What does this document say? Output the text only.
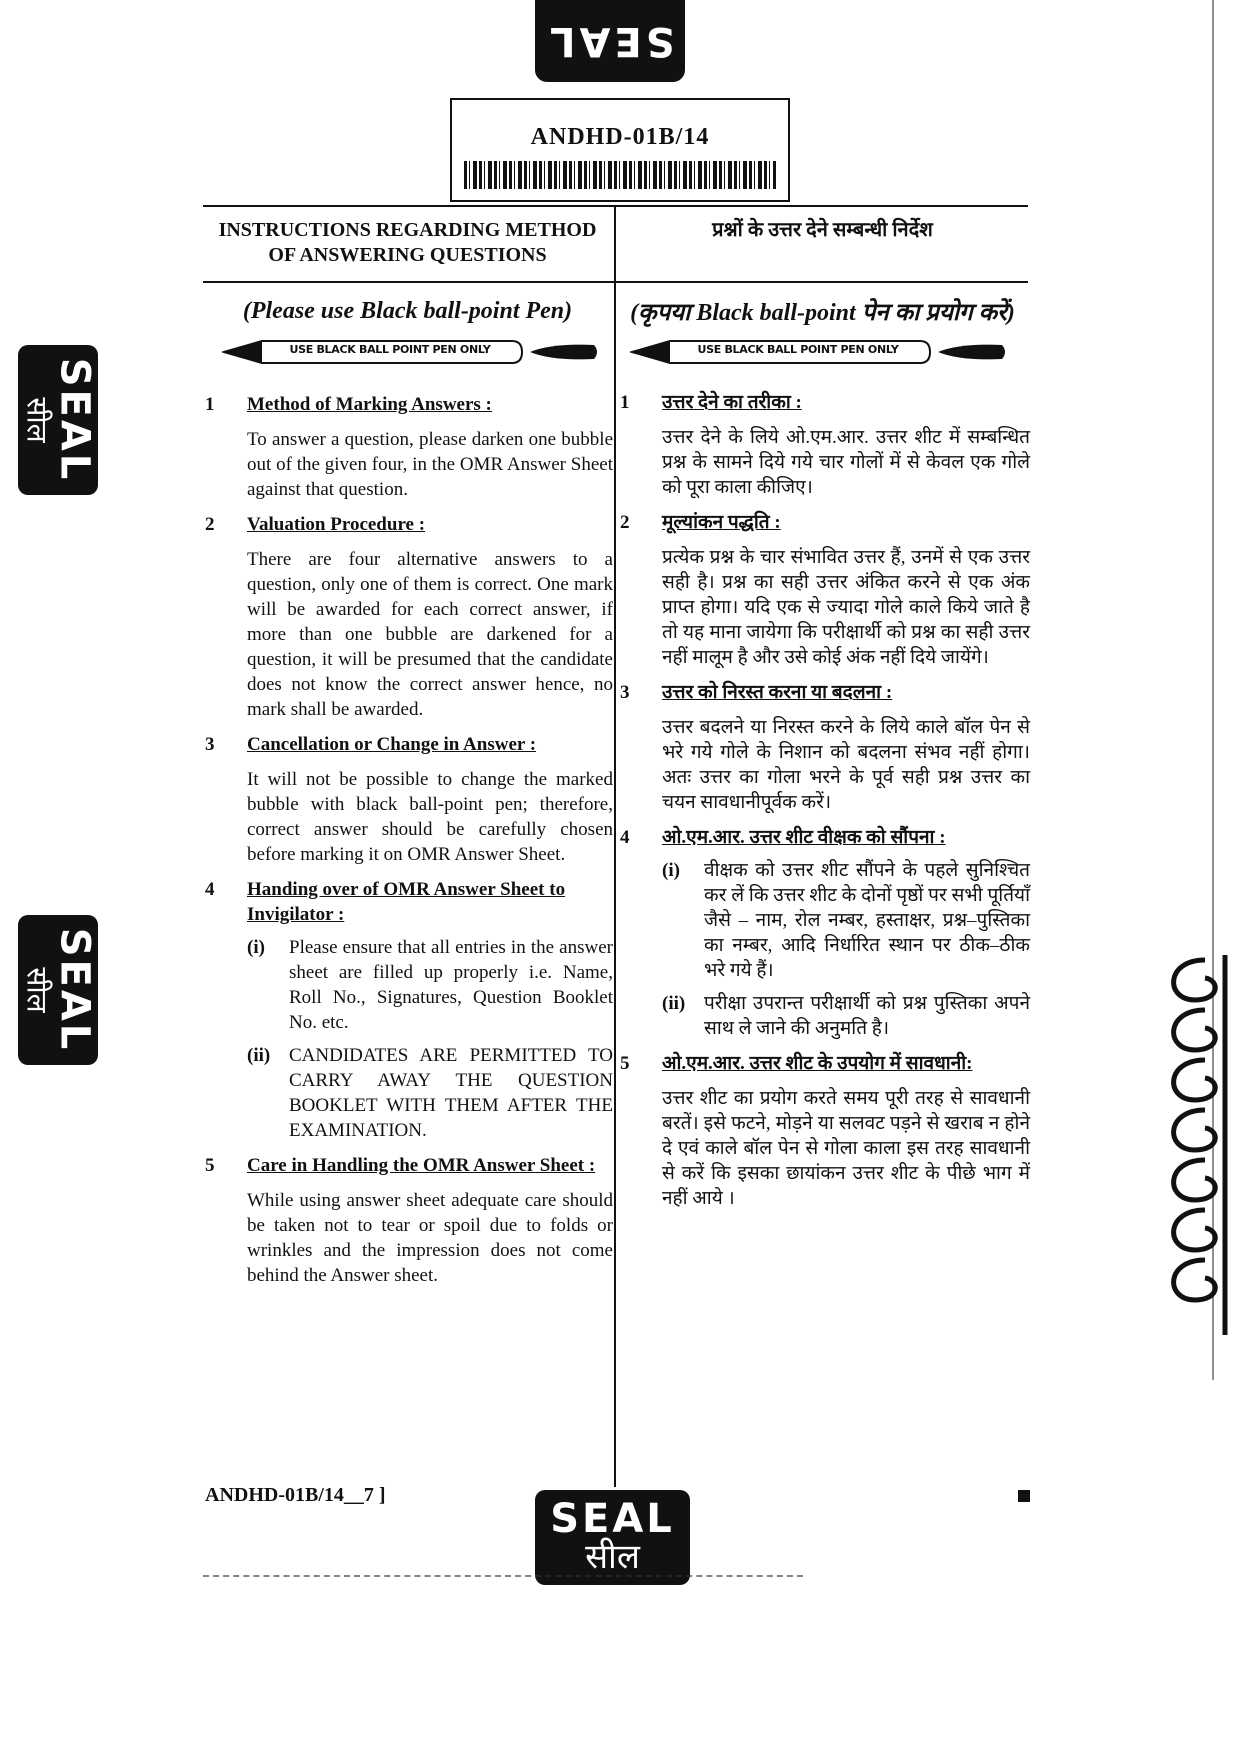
SEAL
SEAL
सील
SEAL
सील
SEAL
सील
ANDHD-01B/14
INSTRUCTIONS REGARDING METHOD OF ANSWERING QUESTIONS
प्रश्नों के उत्तर देने सम्बन्धी निर्देश
(Please use Black ball-point Pen)	(कृपया Black ball-point पेन का प्रयोग करें)
USE BLACK BALL POINT PEN ONLY	USE BLACK BALL POINT PEN ONLY
1 Method of Marking Answers :

To answer a question, please darken one bubble out of the given four, in the OMR Answer Sheet against that question.

2 Valuation Procedure :

There are four alternative answers to a question, only one of them is correct. One mark will be awarded for each correct answer, if more than one bubble are darkened for a question, it will be presumed that the candidate does not know the correct answer hence, no mark shall be awarded.

3 Cancellation or Change in Answer :

It will not be possible to change the marked bubble with black ball-point pen; therefore, correct answer should be carefully chosen before marking it on OMR Answer Sheet.

4 Handing over of OMR Answer Sheet to Invigilator :
(i) Please ensure that all entries in the answer sheet are filled up properly i.e. Name, Roll No., Signatures, Question Booklet No. etc.
(ii) CANDIDATES ARE PERMITTED TO CARRY AWAY THE QUESTION BOOKLET WITH THEM AFTER THE EXAMINATION.
5 Care in Handling the OMR Answer Sheet :

While using answer sheet adequate care should be taken not to tear or spoil due to folds or wrinkles and the impression does not come behind the Answer sheet.

1 उत्तर देने का तरीका :

उत्तर देने के लिये ओ.एम.आर. उत्तर शीट में सम्बन्धित प्रश्न के सामने दिये गये चार गोलों में से केवल एक गोले को पूरा काला कीजिए।

2 मूल्यांकन पद्धति :

प्रत्येक प्रश्न के चार संभावित उत्तर हैं, उनमें से एक उत्तर सही है। प्रश्न का सही उत्तर अंकित करने से एक अंक प्राप्त होगा। यदि एक से ज्यादा गोले काले किये जाते है तो यह माना जायेगा कि परीक्षार्थी को प्रश्न का सही उत्तर नहीं मालूम है और उसे कोई अंक नहीं दिये जायेंगे।

3 उत्तर को निरस्त करना या बदलना :

उत्तर बदलने या निरस्त करने के लिये काले बॉल पेन से भरे गये गोले के निशान को बदलना संभव नहीं होगा। अतः उत्तर का गोला भरने के पूर्व सही प्रश्न उत्तर का चयन सावधानीपूर्वक करें।

4 ओ.एम.आर. उत्तर शीट वीक्षक को सौंपना :
(i) वीक्षक को उत्तर शीट सौंपने के पहले सुनिश्चित कर लें कि उत्तर शीट के दोनों पृष्ठों पर सभी पूर्तियाँ जैसे – नाम, रोल नम्बर, हस्ताक्षर, प्रश्न–पुस्तिका का नम्बर, आदि निर्धारित स्थान पर ठीक–ठीक भरे गये हैं।
(ii) परीक्षा उपरान्त परीक्षार्थी को प्रश्न पुस्तिका अपने साथ ले जाने की अनुमति है।
5 ओ.एम.आर. उत्तर शीट के उपयोग में सावधानी:

उत्तर शीट का प्रयोग करते समय पूरी तरह से सावधानी बरतें। इसे फटने, मोड़ने या सलवट पड़ने से खराब न होने दे एवं काले बॉल पेन से गोला काला इस तरह सावधानी से करें कि इसका छायांकन उत्तर शीट के पीछे भाग में नहीं आये ।

ANDHD-01B/14__7 ]
